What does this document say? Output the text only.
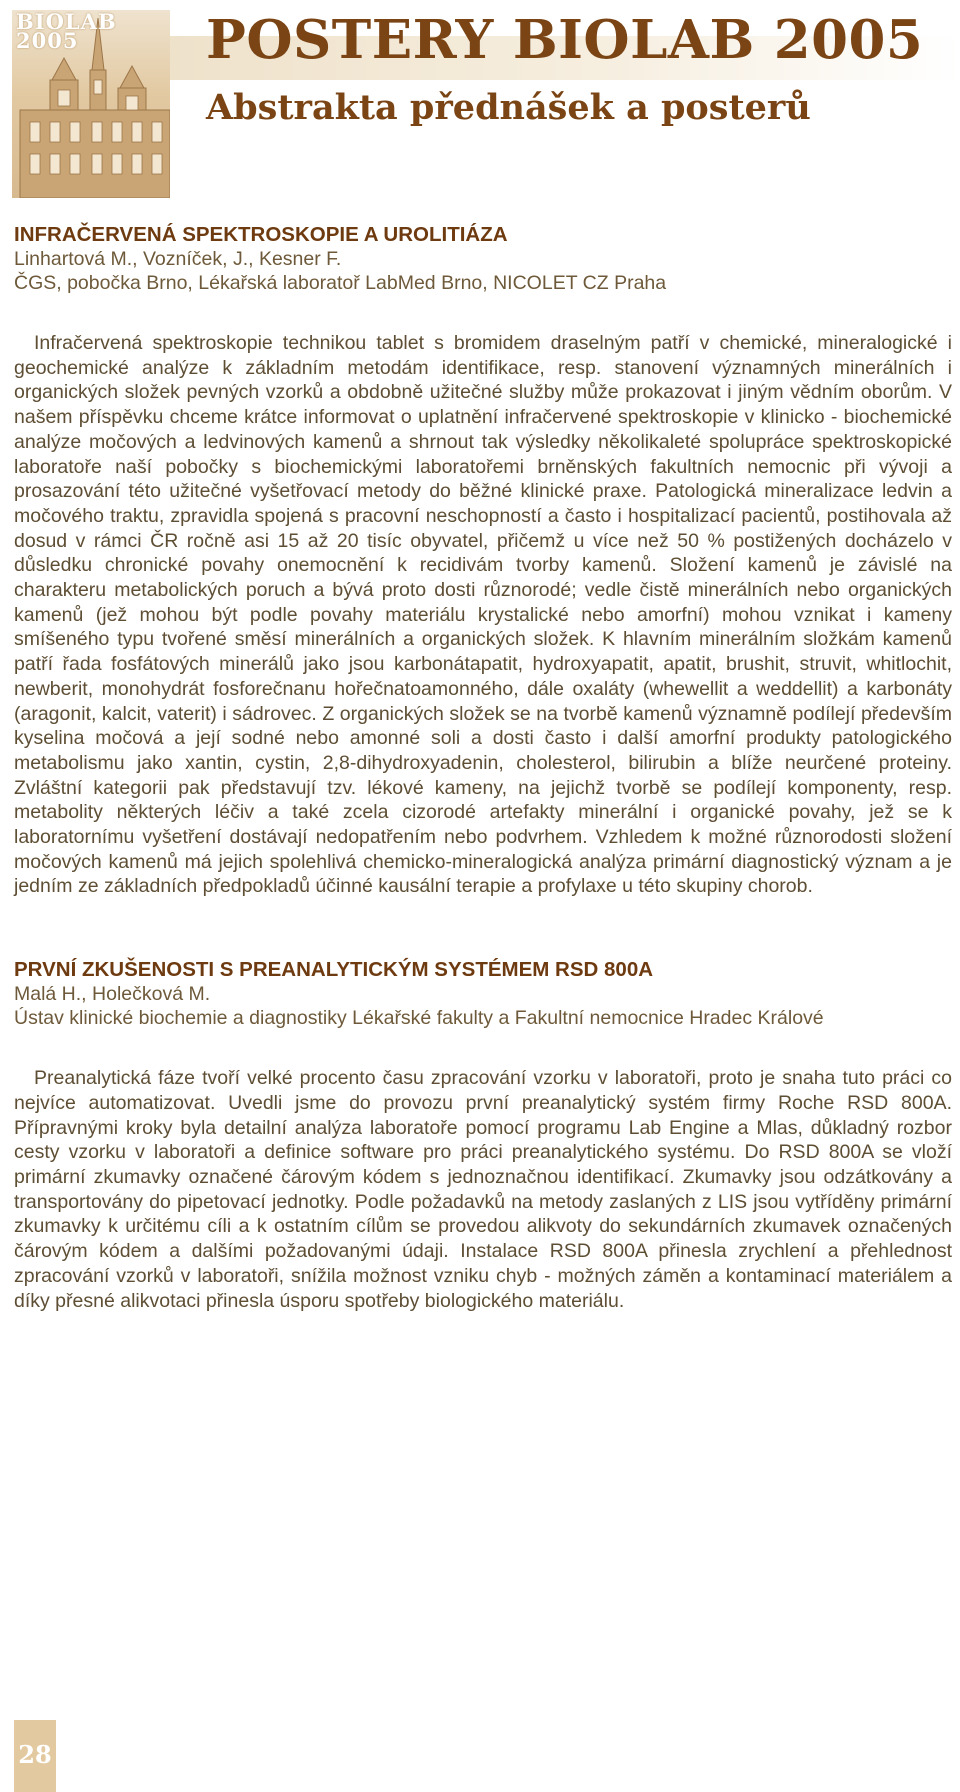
BIOLAB
2005	POSTERY BIOLAB 2005
Abstrakta přednášek a posterů
INFRAČERVENÁ SPEKTROSKOPIE A UROLITIÁZA

Linhartová M., Vozníček, J., Kesner F.

ČGS, pobočka Brno, Lékařská laboratoř LabMed Brno, NICOLET CZ Praha

Infračervená spektroskopie technikou tablet s bromidem draselným patří v chemické, mineralogické i geochemické analýze k základním metodám identifikace, resp. stanovení významných minerálních i organických složek pevných vzorků a obdobně užitečné služby může prokazovat i jiným vědním oborům. V našem příspěvku chceme krátce informovat o uplatnění infračervené spektroskopie v klinicko - biochemické analýze močových a ledvinových kamenů a shrnout tak výsledky několikaleté spolupráce spektroskopické laboratoře naší pobočky s biochemickými laboratořemi brněnských fakultních nemocnic při vývoji a prosazování této užitečné vyšetřovací metody do běžné klinické praxe. Patologická mineralizace ledvin a močového traktu, zpravidla spojená s pracovní neschopností a často i hospitalizací pacientů, postihovala až dosud v rámci ČR ročně asi 15 až 20 tisíc obyvatel, přičemž u více než 50 % postižených docházelo v důsledku chronické povahy onemocnění k recidivám tvorby kamenů. Složení kamenů je závislé na charakteru metabolických poruch a bývá proto dosti různorodé; vedle čistě minerálních nebo organických kamenů (jež mohou být podle povahy materiálu krystalické nebo amorfní) mohou vznikat i kameny smíšeného typu tvořené směsí minerálních a organických složek. K hlavním minerálním složkám kamenů patří řada fosfátových minerálů jako jsou karbonátapatit, hydroxyapatit, apatit, brushit, struvit, whitlochit, newberit, monohydrát fosforečnanu hořečnatoamonného, dále oxaláty (whewellit a weddellit) a karbonáty (aragonit, kalcit, vaterit) i sádrovec. Z organických složek se na tvorbě kamenů významně podílejí především kyselina močová a její sodné nebo amonné soli a dosti často i další amorfní produkty patologického metabolismu jako xantin, cystin, 2,8-dihydroxyadenin, cholesterol, bilirubin a blíže neurčené proteiny. Zvláštní kategorii pak představují tzv. lékové kameny, na jejichž tvorbě se podílejí komponenty, resp. metabolity některých léčiv a také zcela cizorodé artefakty minerální i organické povahy, jež se k laboratornímu vyšetření dostávají nedopatřením nebo podvrhem. Vzhledem k možné různorodosti složení močových kamenů má jejich spolehlivá chemicko-mineralogická analýza primární diagnostický význam a je jedním ze základních předpokladů účinné kausální terapie a profylaxe u této skupiny chorob.

PRVNÍ ZKUŠENOSTI S PREANALYTICKÝM SYSTÉMEM RSD 800A

Malá H., Holečková M.

Ústav klinické biochemie a diagnostiky Lékařské fakulty a Fakultní nemocnice Hradec Králové

Preanalytická fáze tvoří velké procento času zpracování vzorku v laboratoři, proto je snaha tuto práci co nejvíce automatizovat. Uvedli jsme do provozu první preanalytický systém firmy Roche RSD 800A. Přípravnými kroky byla detailní analýza laboratoře pomocí programu Lab Engine a Mlas, důkladný rozbor cesty vzorku v laboratoři a definice software pro práci preanalytického systému. Do RSD 800A se vloží primární zkumavky označené čárovým kódem s jednoznačnou identifikací. Zkumavky jsou odzátkovány a transportovány do pipetovací jednotky. Podle požadavků na metody zaslaných z LIS jsou vytříděny primární zkumavky k určitému cíli a k ostatním cílům se provedou alikvoty do sekundárních zkumavek označených čárovým kódem a dalšími požadovanými údaji. Instalace RSD 800A přinesla zrychlení a přehlednost zpracování vzorků v laboratoři, snížila možnost vzniku chyb - možných záměn a kontaminací materiálem a díky přesné alikvotaci přinesla úsporu spotřeby biologického materiálu.

28
